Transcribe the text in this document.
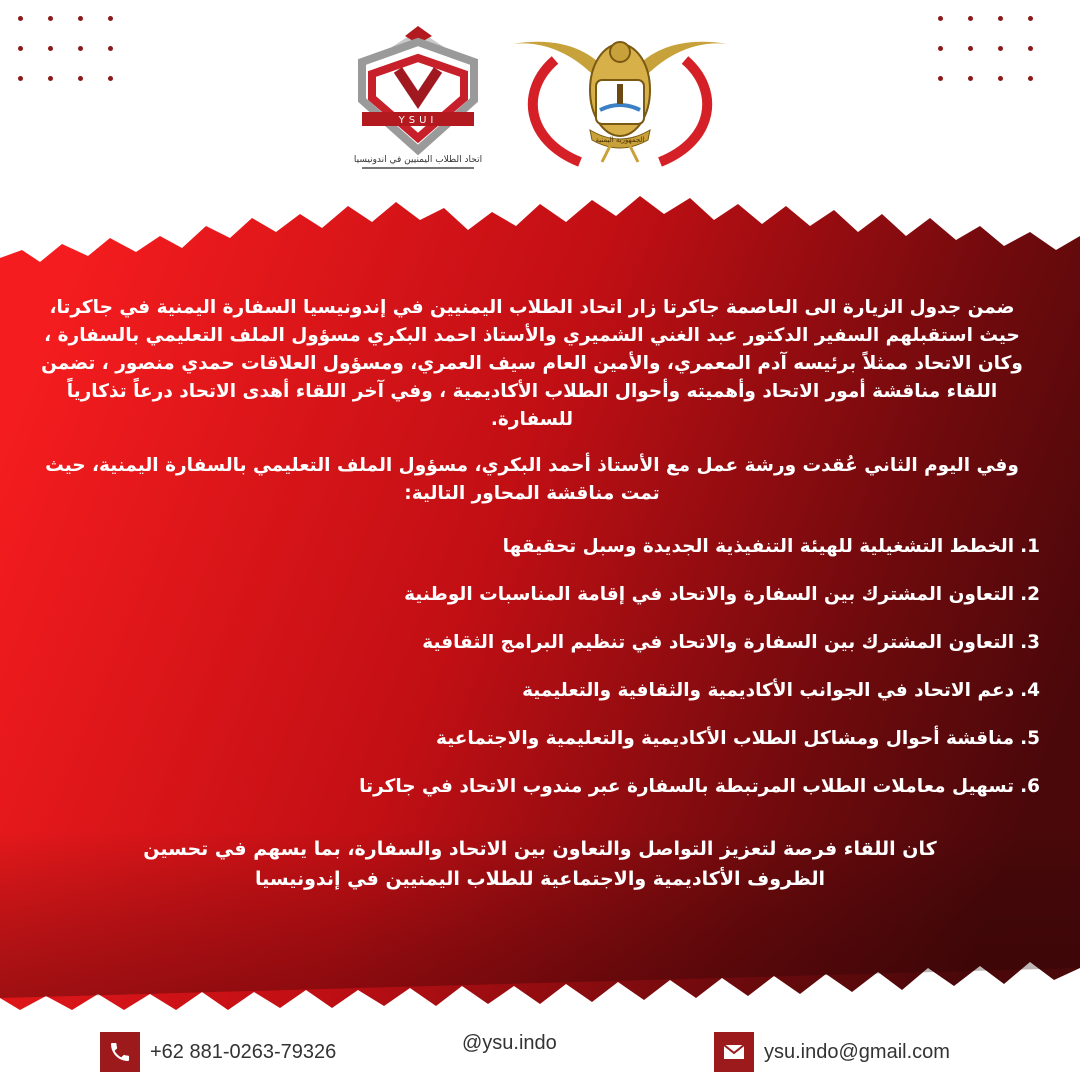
YSUI
اتحاد الطلاب اليمنيين في اندونيسيا
الجمهورية اليمنية

ضمن جدول الزيارة الى العاصمة جاكرتا زار اتحاد الطلاب اليمنيين في إندونيسيا السفارة اليمنية في جاكرتا، حيث استقبلهم السفير الدكتور عبد الغني الشميري والأستاذ احمد البكري مسؤول الملف التعليمي بالسفارة ، وكان الاتحاد ممثلاً برئيسه آدم المعمري، والأمين العام سيف العمري، ومسؤول العلاقات حمدي منصور ، تضمن اللقاء مناقشة أمور الاتحاد وأهميته وأحوال الطلاب الأكاديمية ، وفي آخر اللقاء أهدى الاتحاد درعاً تذكارياً للسفارة.

وفي اليوم الثاني عُقدت ورشة عمل مع الأستاذ أحمد البكري، مسؤول الملف التعليمي بالسفارة اليمنية، حيث تمت مناقشة المحاور التالية:

1.الخطط التشغيلية للهيئة التنفيذية الجديدة وسبل تحقيقها
2.التعاون المشترك بين السفارة والاتحاد في إقامة المناسبات الوطنية
3.التعاون المشترك بين السفارة والاتحاد في تنظيم البرامج الثقافية
4.دعم الاتحاد في الجوانب الأكاديمية والثقافية والتعليمية
5.مناقشة أحوال ومشاكل الطلاب الأكاديمية والتعليمية والاجتماعية
6.تسهيل معاملات الطلاب المرتبطة بالسفارة عبر مندوب الاتحاد في جاكرتا

كان اللقاء فرصة لتعزيز التواصل والتعاون بين الاتحاد والسفارة، بما يسهم في تحسين الظروف الأكاديمية والاجتماعية للطلاب اليمنيين في إندونيسيا

+62 881-0263-79326	@ysu.indo	ysu.indo@gmail.com
